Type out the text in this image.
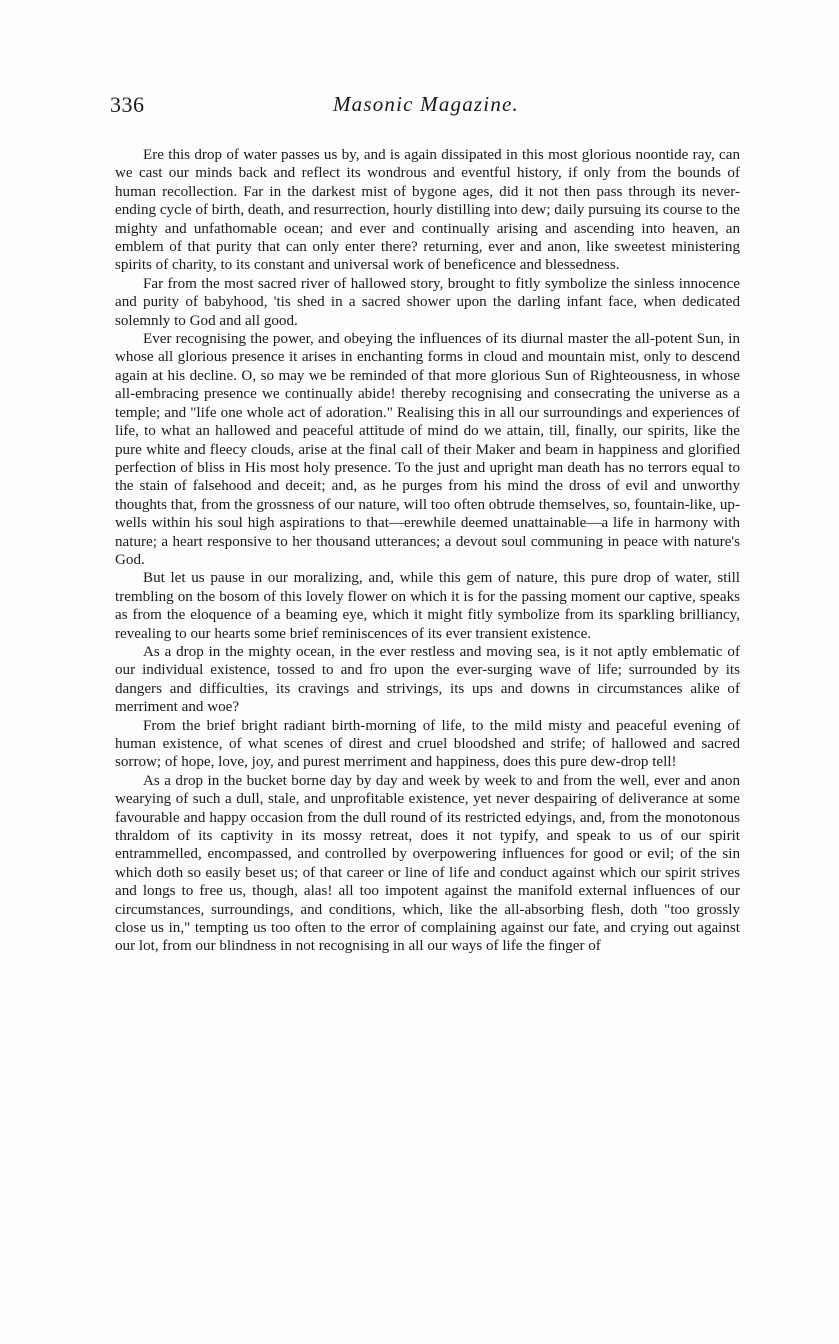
336	Masonic Magazine.

Ere this drop of water passes us by, and is again dissipated in this most glorious noontide ray, can we cast our minds back and reflect its wondrous and eventful history, if only from the bounds of human recollection. Far in the darkest mist of bygone ages, did it not then pass through its never-ending cycle of birth, death, and resurrection, hourly distilling into dew; daily pursuing its course to the mighty and unfathomable ocean; and ever and continually arising and ascending into heaven, an emblem of that purity that can only enter there? returning, ever and anon, like sweetest ministering spirits of charity, to its constant and universal work of beneficence and blessedness.

Far from the most sacred river of hallowed story, brought to fitly symbolize the sinless innocence and purity of babyhood, 'tis shed in a sacred shower upon the darling infant face, when dedicated solemnly to God and all good.

Ever recognising the power, and obeying the influences of its diurnal master the all-potent Sun, in whose all glorious presence it arises in enchanting forms in cloud and mountain mist, only to descend again at his decline. O, so may we be reminded of that more glorious Sun of Righteousness, in whose all-embracing presence we continually abide! thereby recognising and consecrating the universe as a temple; and "life one whole act of adoration." Realising this in all our surroundings and experiences of life, to what an hallowed and peaceful attitude of mind do we attain, till, finally, our spirits, like the pure white and fleecy clouds, arise at the final call of their Maker and beam in happiness and glorified perfection of bliss in His most holy presence. To the just and upright man death has no terrors equal to the stain of falsehood and deceit; and, as he purges from his mind the dross of evil and unworthy thoughts that, from the grossness of our nature, will too often obtrude themselves, so, fountain-like, up-wells within his soul high aspirations to that—erewhile deemed unattainable—a life in harmony with nature; a heart responsive to her thousand utterances; a devout soul communing in peace with nature's God.

But let us pause in our moralizing, and, while this gem of nature, this pure drop of water, still trembling on the bosom of this lovely flower on which it is for the passing moment our captive, speaks as from the eloquence of a beaming eye, which it might fitly symbolize from its sparkling brilliancy, revealing to our hearts some brief reminiscences of its ever transient existence.

As a drop in the mighty ocean, in the ever restless and moving sea, is it not aptly emblematic of our individual existence, tossed to and fro upon the ever-surging wave of life; surrounded by its dangers and difficulties, its cravings and strivings, its ups and downs in circumstances alike of merriment and woe?

From the brief bright radiant birth-morning of life, to the mild misty and peaceful evening of human existence, of what scenes of direst and cruel bloodshed and strife; of hallowed and sacred sorrow; of hope, love, joy, and purest merriment and happiness, does this pure dew-drop tell!

As a drop in the bucket borne day by day and week by week to and from the well, ever and anon wearying of such a dull, stale, and unprofitable existence, yet never despairing of deliverance at some favourable and happy occasion from the dull round of its restricted edyings, and, from the monotonous thraldom of its captivity in its mossy retreat, does it not typify, and speak to us of our spirit entrammelled, encompassed, and controlled by overpowering influences for good or evil; of the sin which doth so easily beset us; of that career or line of life and conduct against which our spirit strives and longs to free us, though, alas! all too impotent against the manifold external influences of our circumstances, surroundings, and conditions, which, like the all-absorbing flesh, doth "too grossly close us in," tempting us too often to the error of complaining against our fate, and crying out against our lot, from our blindness in not recognising in all our ways of life the finger of
